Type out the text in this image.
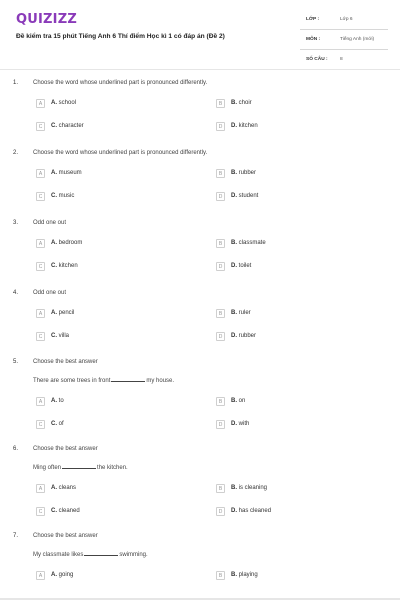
QUIZIZZ
Đề kiểm tra 15 phút Tiếng Anh 6 Thí điểm Học kì 1 có đáp án (Đề 2)
LỚP :	Lớp 6
MÔN :	Tiếng Anh (mới)
SỐ CÂU :	8
1. Choose the word whose underlined part is pronounced differently.
A	A. school	B	B. choir
C	C. character	D	D. kitchen
2. Choose the word whose underlined part is pronounced differently.
A	A. museum	B	B. rubber
C	C. music	D	D. student
3. Odd one out
A	A. bedroom	B	B. classmate
C	C. kitchen	D	D. toilet
4. Odd one out
A	A. pencil	B	B. ruler
C	C. villa	D	D. rubber
5. Choose the best answer
There are some trees in front	my house.
A	A. to	B	B. on
C	C. of	D	D. with
6. Choose the best answer
Ming often	the kitchen.
A	A. cleans	B	B. is cleaning
C	C. cleaned	D	D. has cleaned
7. Choose the best answer
My classmate likes	swimming.
A	A. going	B	B. playing
